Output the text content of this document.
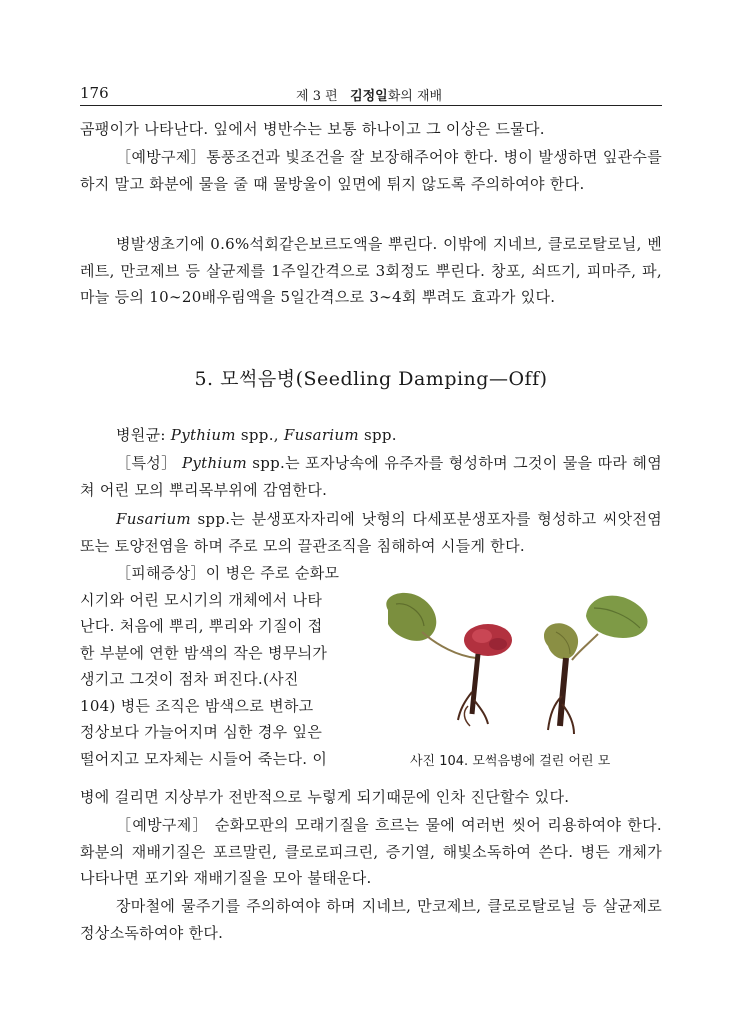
176	제 3 편 김정일화의 재배
곰팽이가 나타난다. 잎에서 병반수는 보통 하나이고 그 이상은 드물다.
［예방구제］통풍조건과 빛조건을 잘 보장해주어야 한다. 병이 발생하면 잎관수를 하지 말고 화분에 물을 줄 때 물방울이 잎면에 튀지 않도록 주의하여야 한다.
병발생초기에 0.6%석회같은보르도액을 뿌린다. 이밖에 지네브, 클로로탈로닐, 벤레트, 만코제브 등 살균제를 1주일간격으로 3회정도 뿌린다. 창포, 쇠뜨기, 피마주, 파, 마늘 등의 10∼20배우림액을 5일간격으로 3∼4회 뿌려도 효과가 있다.
5. 모썩음병(Seedling Damping—Off)
병원균: Pythium spp., Fusarium spp.
［특성］ Pythium spp.는 포자낭속에 유주자를 형성하며 그것이 물을 따라 헤염쳐 어린 모의 뿌리목부위에 감염한다.
Fusarium spp.는 분생포자자리에 낫형의 다세포분생포자를 형성하고 씨앗전염 또는 토양전염을 하며 주로 모의 끌관조직을 침해하여 시들게 한다.
［피해증상］이 병은 주로 순화모
시기와 어린 모시기의 개체에서 나타
난다. 처음에 뿌리, 뿌리와 기질이 접
한 부분에 연한 밤색의 작은 병무늬가
생기고 그것이 점차 퍼진다.(사진
104) 병든 조직은 밤색으로 변하고
정상보다 가늘어지며 심한 경우 잎은
떨어지고 모자체는 시들어 죽는다. 이
병에 걸리면 지상부가 전반적으로 누렇게 되기때문에 인차 진단할수 있다.
사진 104. 모썩음병에 걸린 어린 모
［예방구제］ 순화모판의 모래기질을 흐르는 물에 여러번 씻어 리용하여야 한다. 화분의 재배기질은 포르말린, 클로로피크린, 증기열, 해빛소독하여 쓴다. 병든 개체가 나타나면 포기와 재배기질을 모아 불태운다.
장마철에 물주기를 주의하여야 하며 지네브, 만코제브, 클로로탈로닐 등 살균제로 정상소독하여야 한다.
